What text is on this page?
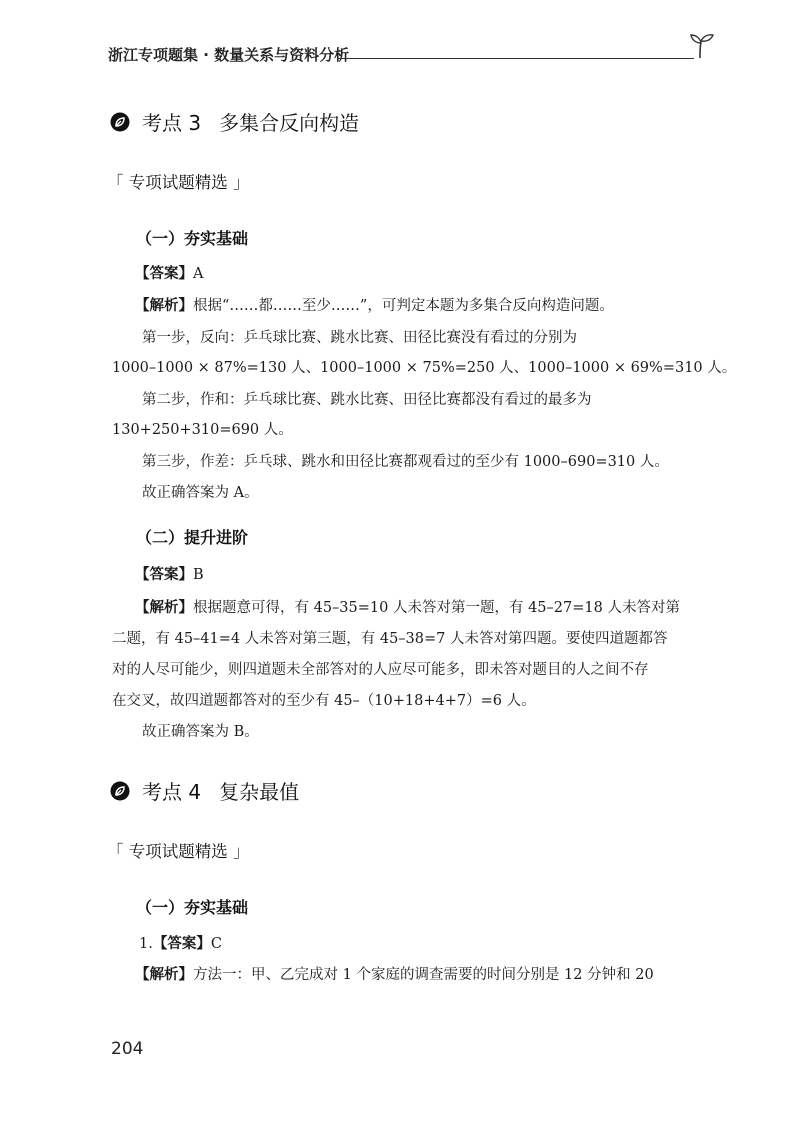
浙江专项题集 · 数量关系与资料分析
考点 3 多集合反向构造
「 专项试题精选 」
（一）夯实基础
【答案】A
【解析】根据“……都……至少……”，可判定本题为多集合反向构造问题。
第一步，反向：乒乓球比赛、跳水比赛、田径比赛没有看过的分别为
1000–1000 × 87%=130 人、1000–1000 × 75%=250 人、1000–1000 × 69%=310 人。
第二步，作和：乒乓球比赛、跳水比赛、田径比赛都没有看过的最多为
130+250+310=690 人。
第三步，作差：乒乓球、跳水和田径比赛都观看过的至少有 1000–690=310 人。
故正确答案为 A。
（二）提升进阶
【答案】B
【解析】根据题意可得，有 45–35=10 人未答对第一题，有 45–27=18 人未答对第
二题，有 45–41=4 人未答对第三题，有 45–38=7 人未答对第四题。要使四道题都答
对的人尽可能少，则四道题未全部答对的人应尽可能多，即未答对题目的人之间不存
在交叉，故四道题都答对的至少有 45–（10+18+4+7）=6 人。
故正确答案为 B。
考点 4 复杂最值
「 专项试题精选 」
（一）夯实基础
1.【答案】C
【解析】方法一：甲、乙完成对 1 个家庭的调查需要的时间分别是 12 分钟和 20
204
